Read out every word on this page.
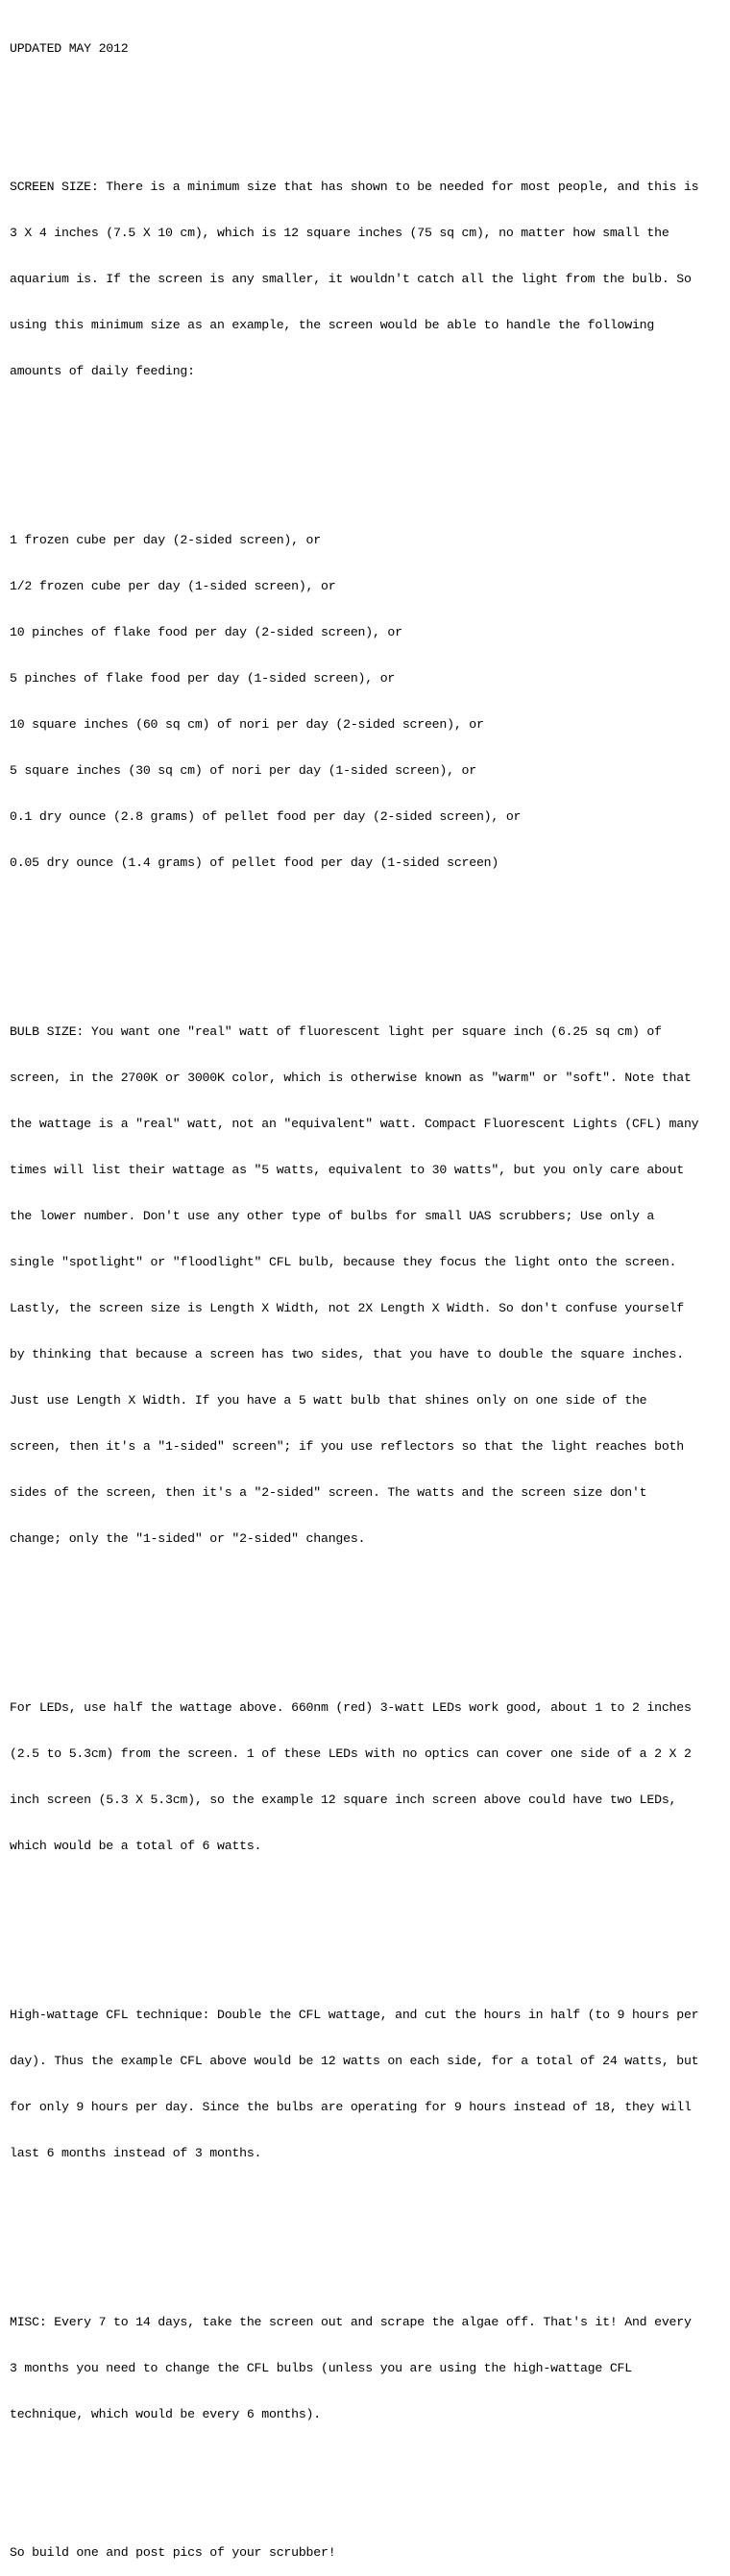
UPDATED MAY 2012

SCREEN SIZE: There is a minimum size that has shown to be needed for most people, and this is

3 X 4 inches (7.5 X 10 cm), which is 12 square inches (75 sq cm), no matter how small the

aquarium is. If the screen is any smaller, it wouldn't catch all the light from the bulb. So

using this minimum size as an example, the screen would be able to handle the following

amounts of daily feeding:

1 frozen cube per day (2-sided screen), or

1/2 frozen cube per day (1-sided screen), or

10 pinches of flake food per day (2-sided screen), or

5 pinches of flake food per day (1-sided screen), or

10 square inches (60 sq cm) of nori per day (2-sided screen), or

5 square inches (30 sq cm) of nori per day (1-sided screen), or

0.1 dry ounce (2.8 grams) of pellet food per day (2-sided screen), or

0.05 dry ounce (1.4 grams) of pellet food per day (1-sided screen)

BULB SIZE: You want one "real" watt of fluorescent light per square inch (6.25 sq cm) of

screen, in the 2700K or 3000K color, which is otherwise known as "warm" or "soft". Note that

the wattage is a "real" watt, not an "equivalent" watt. Compact Fluorescent Lights (CFL) many

times will list their wattage as "5 watts, equivalent to 30 watts", but you only care about

the lower number. Don't use any other type of bulbs for small UAS scrubbers; Use only a

single "spotlight" or "floodlight" CFL bulb, because they focus the light onto the screen.

Lastly, the screen size is Length X Width, not 2X Length X Width. So don't confuse yourself

by thinking that because a screen has two sides, that you have to double the square inches.

Just use Length X Width. If you have a 5 watt bulb that shines only on one side of the

screen, then it's a "1-sided" screen"; if you use reflectors so that the light reaches both

sides of the screen, then it's a "2-sided" screen. The watts and the screen size don't

change; only the "1-sided" or "2-sided" changes.

For LEDs, use half the wattage above. 660nm (red) 3-watt LEDs work good, about 1 to 2 inches

(2.5 to 5.3cm) from the screen. 1 of these LEDs with no optics can cover one side of a 2 X 2

inch screen (5.3 X 5.3cm), so the example 12 square inch screen above could have two LEDs,

which would be a total of 6 watts.

High-wattage CFL technique: Double the CFL wattage, and cut the hours in half (to 9 hours per

day). Thus the example CFL above would be 12 watts on each side, for a total of 24 watts, but

for only 9 hours per day. Since the bulbs are operating for 9 hours instead of 18, they will

last 6 months instead of 3 months.

MISC: Every 7 to 14 days, take the screen out and scrape the algae off. That's it! And every

3 months you need to change the CFL bulbs (unless you are using the high-wattage CFL

technique, which would be every 6 months).

So build one and post pics of your scrubber!
